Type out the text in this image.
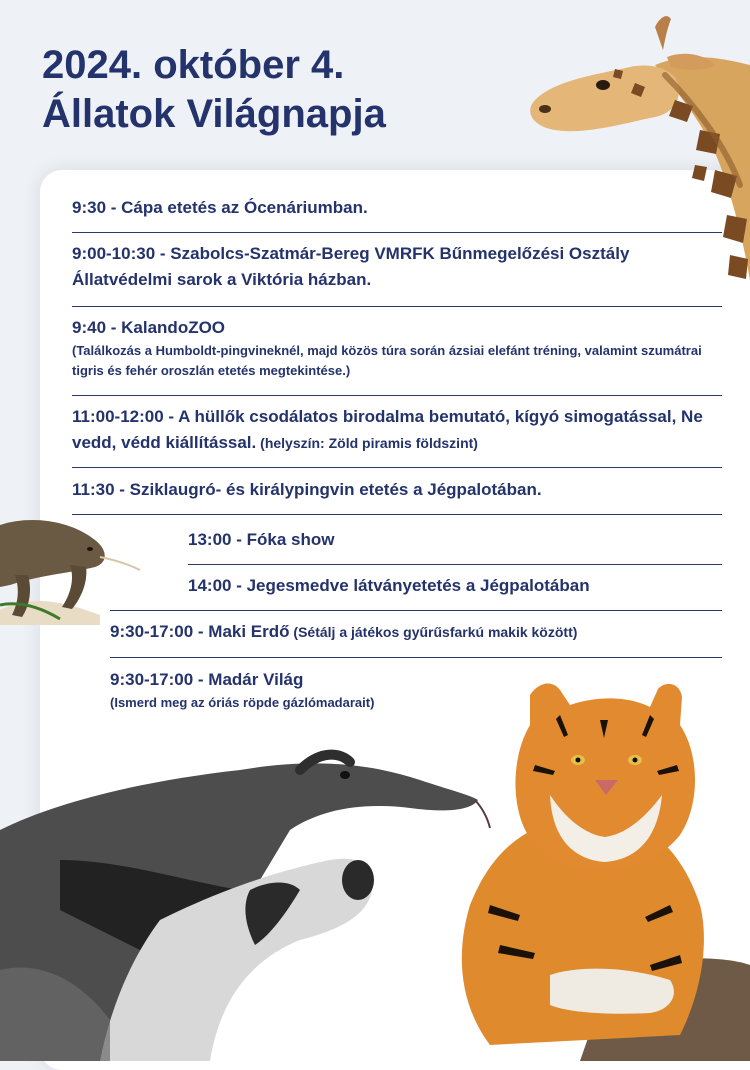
2024. október 4.
Állatok Világnapja
9:30 - Cápa etetés az Ócenáriumban.
9:00-10:30 - Szabolcs-Szatmár-Bereg VMRFK Bűnmegelőzési Osztály Állatvédelmi sarok a Viktória házban.
9:40 - KalandoZOO
(Találkozás a Humboldt-pingvineknél, majd közös túra során ázsiai elefánt tréning, valamint szumátrai tigris és fehér oroszlán etetés megtekintése.)
11:00-12:00 - A hüllők csodálatos birodalma bemutató, kígyó simogatással, Ne vedd, védd kiállítással. (helyszín: Zöld piramis földszint)
11:30 - Sziklaugró- és királypingvin etetés a Jégpalotában.
13:00 - Fóka show
14:00 - Jegesmedve látványetetés a Jégpalotában
9:30-17:00 - Maki Erdő (Sétálj a játékos gyűrűsfarkú makik között)
9:30-17:00 - Madár Világ
(Ismerd meg az óriás röpde gázlómadarait)
